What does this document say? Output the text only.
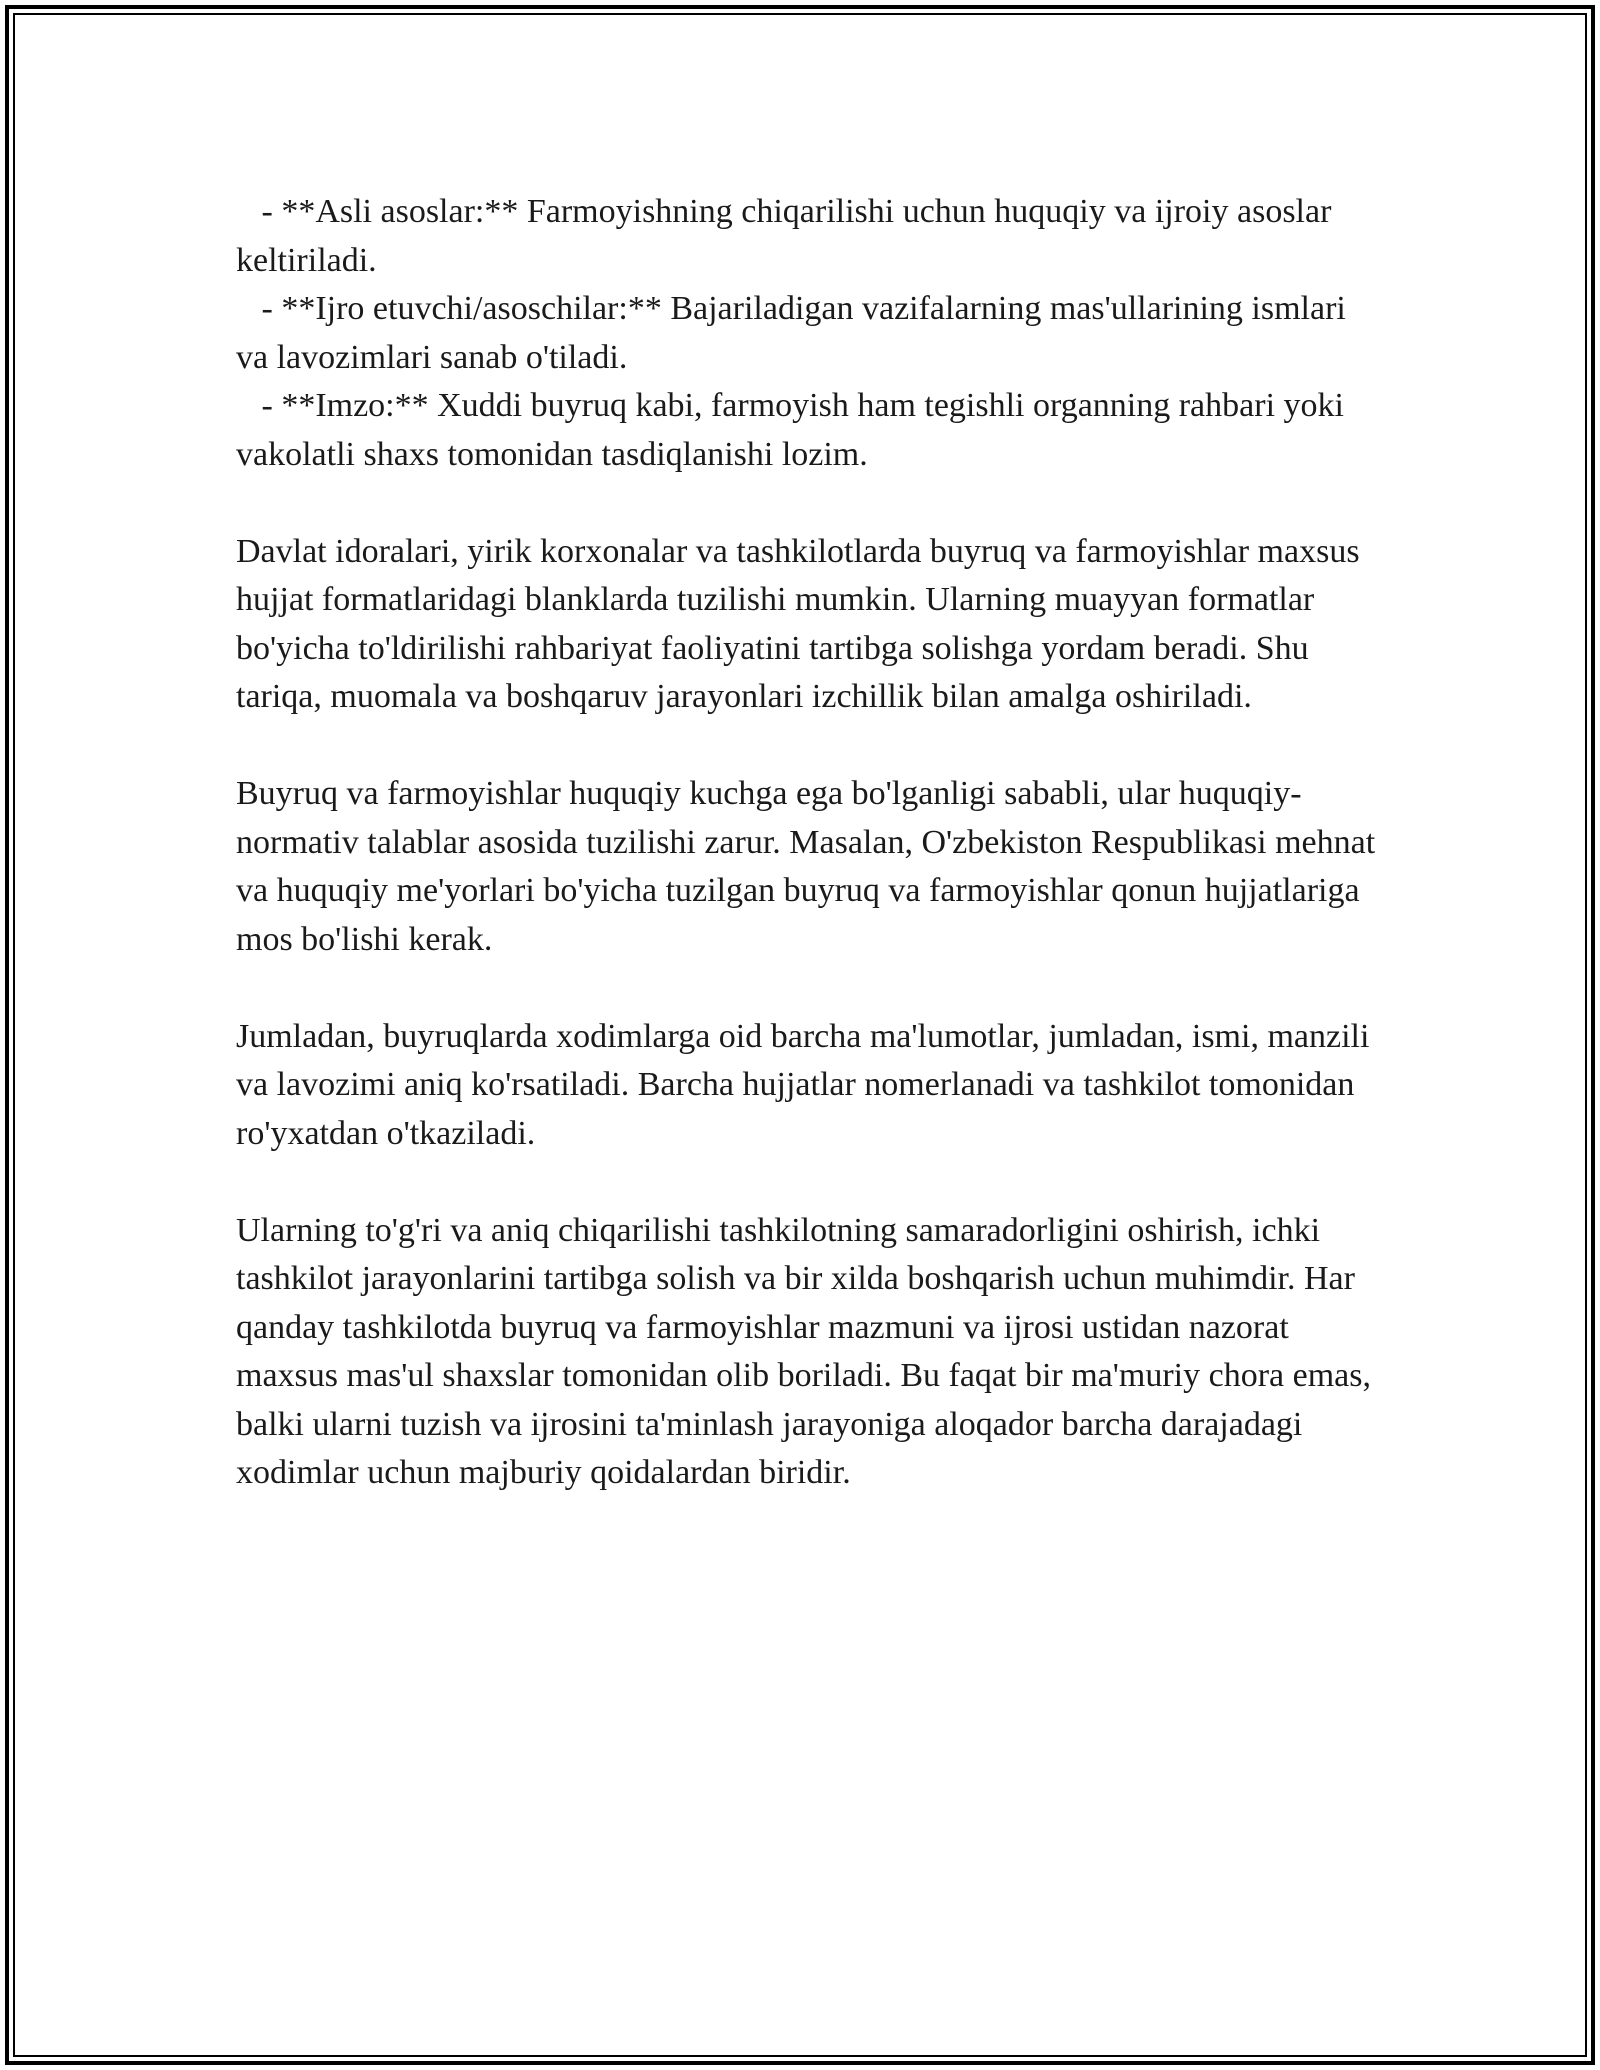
- **Asli asoslar:** Farmoyishning chiqarilishi uchun huquqiy va ijroiy asoslar keltiriladi.

- **Ijro etuvchi/asoschilar:** Bajariladigan vazifalarning mas'ullarining ismlari va lavozimlari sanab o'tiladi.

- **Imzo:** Xuddi buyruq kabi, farmoyish ham tegishli organning rahbari yoki vakolatli shaxs tomonidan tasdiqlanishi lozim.

Davlat idoralari, yirik korxonalar va tashkilotlarda buyruq va farmoyishlar maxsus hujjat formatlaridagi blanklarda tuzilishi mumkin. Ularning muayyan formatlar bo'yicha to'ldirilishi rahbariyat faoliyatini tartibga solishga yordam beradi. Shu tariqa, muomala va boshqaruv jarayonlari izchillik bilan amalga oshiriladi.

Buyruq va farmoyishlar huquqiy kuchga ega bo'lganligi sababli, ular huquqiy-normativ talablar asosida tuzilishi zarur. Masalan, O'zbekiston Respublikasi mehnat va huquqiy me'yorlari bo'yicha tuzilgan buyruq va farmoyishlar qonun hujjatlariga mos bo'lishi kerak.

Jumladan, buyruqlarda xodimlarga oid barcha ma'lumotlar, jumladan, ismi, manzili va lavozimi aniq ko'rsatiladi. Barcha hujjatlar nomerlanadi va tashkilot tomonidan ro'yxatdan o'tkaziladi.

Ularning to'g'ri va aniq chiqarilishi tashkilotning samaradorligini oshirish, ichki tashkilot jarayonlarini tartibga solish va bir xilda boshqarish uchun muhimdir. Har qanday tashkilotda buyruq va farmoyishlar mazmuni va ijrosi ustidan nazorat maxsus mas'ul shaxslar tomonidan olib boriladi. Bu faqat bir ma'muriy chora emas, balki ularni tuzish va ijrosini ta'minlash jarayoniga aloqador barcha darajadagi xodimlar uchun majburiy qoidalardan biridir.
